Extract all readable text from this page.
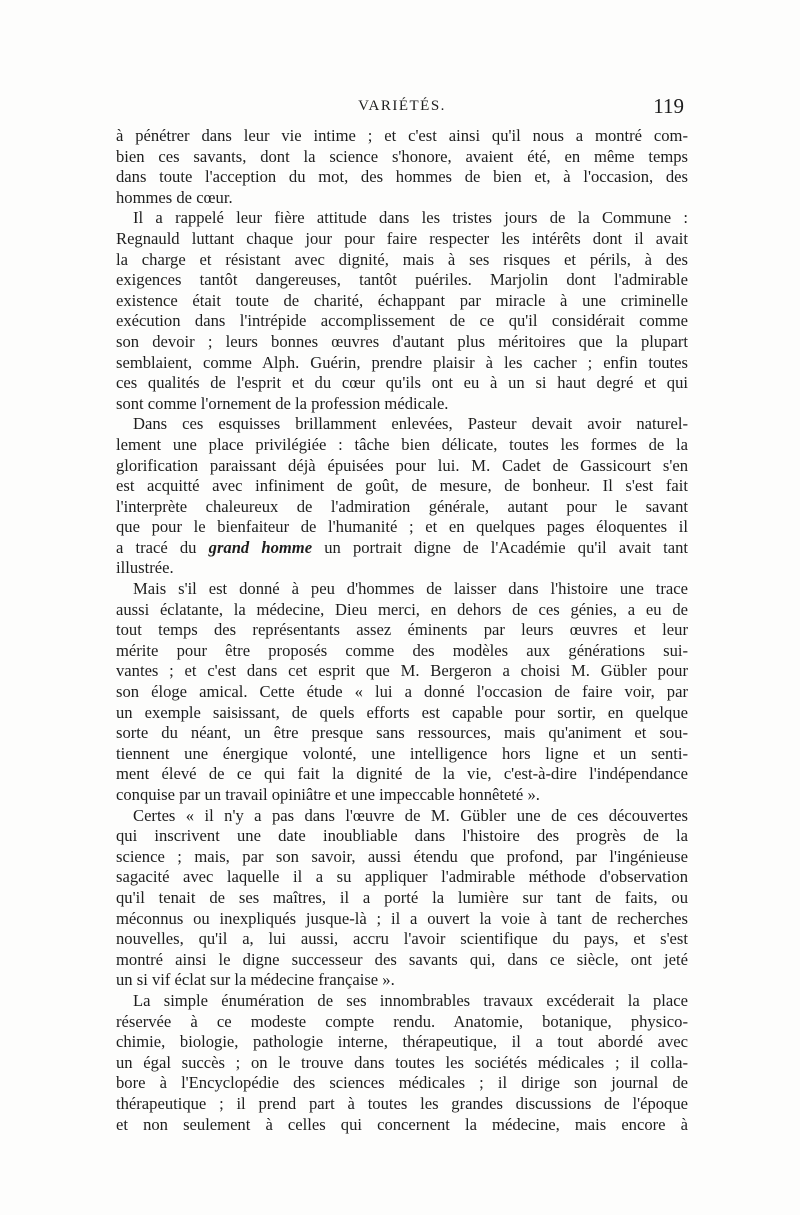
VARIÉTÉS.	119
à pénétrer dans leur vie intime ; et c'est ainsi qu'il nous a montré com-
bien ces savants, dont la science s'honore, avaient été, en même temps
dans toute l'acception du mot, des hommes de bien et, à l'occasion, des
hommes de cœur.
Il a rappelé leur fière attitude dans les tristes jours de la Commune :
Regnauld luttant chaque jour pour faire respecter les intérêts dont il avait
la charge et résistant avec dignité, mais à ses risques et périls, à des
exigences tantôt dangereuses, tantôt puériles. Marjolin dont l'admirable
existence était toute de charité, échappant par miracle à une criminelle
exécution dans l'intrépide accomplissement de ce qu'il considérait comme
son devoir ; leurs bonnes œuvres d'autant plus méritoires que la plupart
semblaient, comme Alph. Guérin, prendre plaisir à les cacher ; enfin toutes
ces qualités de l'esprit et du cœur qu'ils ont eu à un si haut degré et qui
sont comme l'ornement de la profession médicale.
Dans ces esquisses brillamment enlevées, Pasteur devait avoir naturel-
lement une place privilégiée : tâche bien délicate, toutes les formes de la
glorification paraissant déjà épuisées pour lui. M. Cadet de Gassicourt s'en
est acquitté avec infiniment de goût, de mesure, de bonheur. Il s'est fait
l'interprète chaleureux de l'admiration générale, autant pour le savant
que pour le bienfaiteur de l'humanité ; et en quelques pages éloquentes il
a tracé du grand homme un portrait digne de l'Académie qu'il avait tant
illustrée.
Mais s'il est donné à peu d'hommes de laisser dans l'histoire une trace
aussi éclatante, la médecine, Dieu merci, en dehors de ces génies, a eu de
tout temps des représentants assez éminents par leurs œuvres et leur
mérite pour être proposés comme des modèles aux générations sui-
vantes ; et c'est dans cet esprit que M. Bergeron a choisi M. Gübler pour
son éloge amical. Cette étude « lui a donné l'occasion de faire voir, par
un exemple saisissant, de quels efforts est capable pour sortir, en quelque
sorte du néant, un être presque sans ressources, mais qu'animent et sou-
tiennent une énergique volonté, une intelligence hors ligne et un senti-
ment élevé de ce qui fait la dignité de la vie, c'est-à-dire l'indépendance
conquise par un travail opiniâtre et une impeccable honnêteté ».
Certes « il n'y a pas dans l'œuvre de M. Gübler une de ces découvertes
qui inscrivent une date inoubliable dans l'histoire des progrès de la
science ; mais, par son savoir, aussi étendu que profond, par l'ingénieuse
sagacité avec laquelle il a su appliquer l'admirable méthode d'observation
qu'il tenait de ses maîtres, il a porté la lumière sur tant de faits, ou
méconnus ou inexpliqués jusque-là ; il a ouvert la voie à tant de recherches
nouvelles, qu'il a, lui aussi, accru l'avoir scientifique du pays, et s'est
montré ainsi le digne successeur des savants qui, dans ce siècle, ont jeté
un si vif éclat sur la médecine française ».
La simple énumération de ses innombrables travaux excéderait la place
réservée à ce modeste compte rendu. Anatomie, botanique, physico-
chimie, biologie, pathologie interne, thérapeutique, il a tout abordé avec
un égal succès ; on le trouve dans toutes les sociétés médicales ; il colla-
bore à l'Encyclopédie des sciences médicales ; il dirige son journal de
thérapeutique ; il prend part à toutes les grandes discussions de l'époque
et non seulement à celles qui concernent la médecine, mais encore à
